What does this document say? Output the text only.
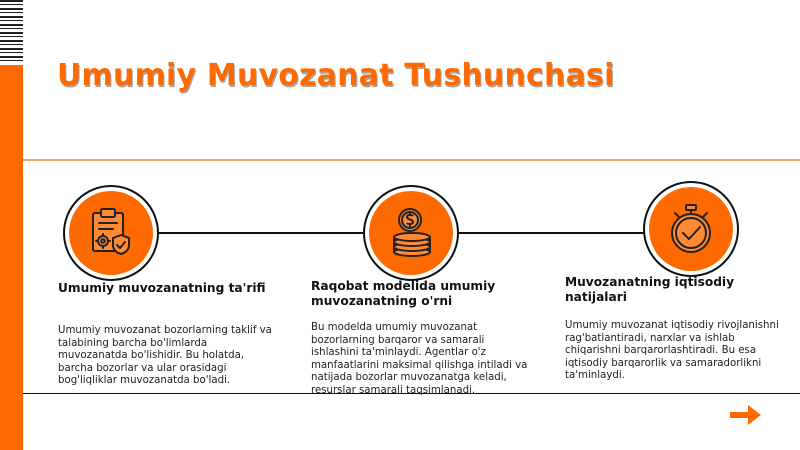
Umumiy Muvozanat Tushunchasi
Umumiy muvozanatning ta'rifi
Umumiy muvozanat bozorlarning taklif va talabining barcha bo'limlarda muvozanatda bo'lishidir. Bu holatda, barcha bozorlar va ular orasidagi bog'liqliklar muvozanatda bo'ladi.
Raqobat modelida umumiy muvozanatning o'rni
Bu modelda umumiy muvozanat bozorlarning barqaror va samarali ishlashini ta'minlaydi. Agentlar o'z manfaatlarini maksimal qilishga intiladi va natijada bozorlar muvozanatga keladi, resurslar samarali taqsimlanadi.
Muvozanatning iqtisodiy natijalari
Umumiy muvozanat iqtisodiy rivojlanishni rag'batlantiradi, narxlar va ishlab chiqarishni barqarorlashtiradi. Bu esa iqtisodiy barqarorlik va samaradorlikni ta'minlaydi.
